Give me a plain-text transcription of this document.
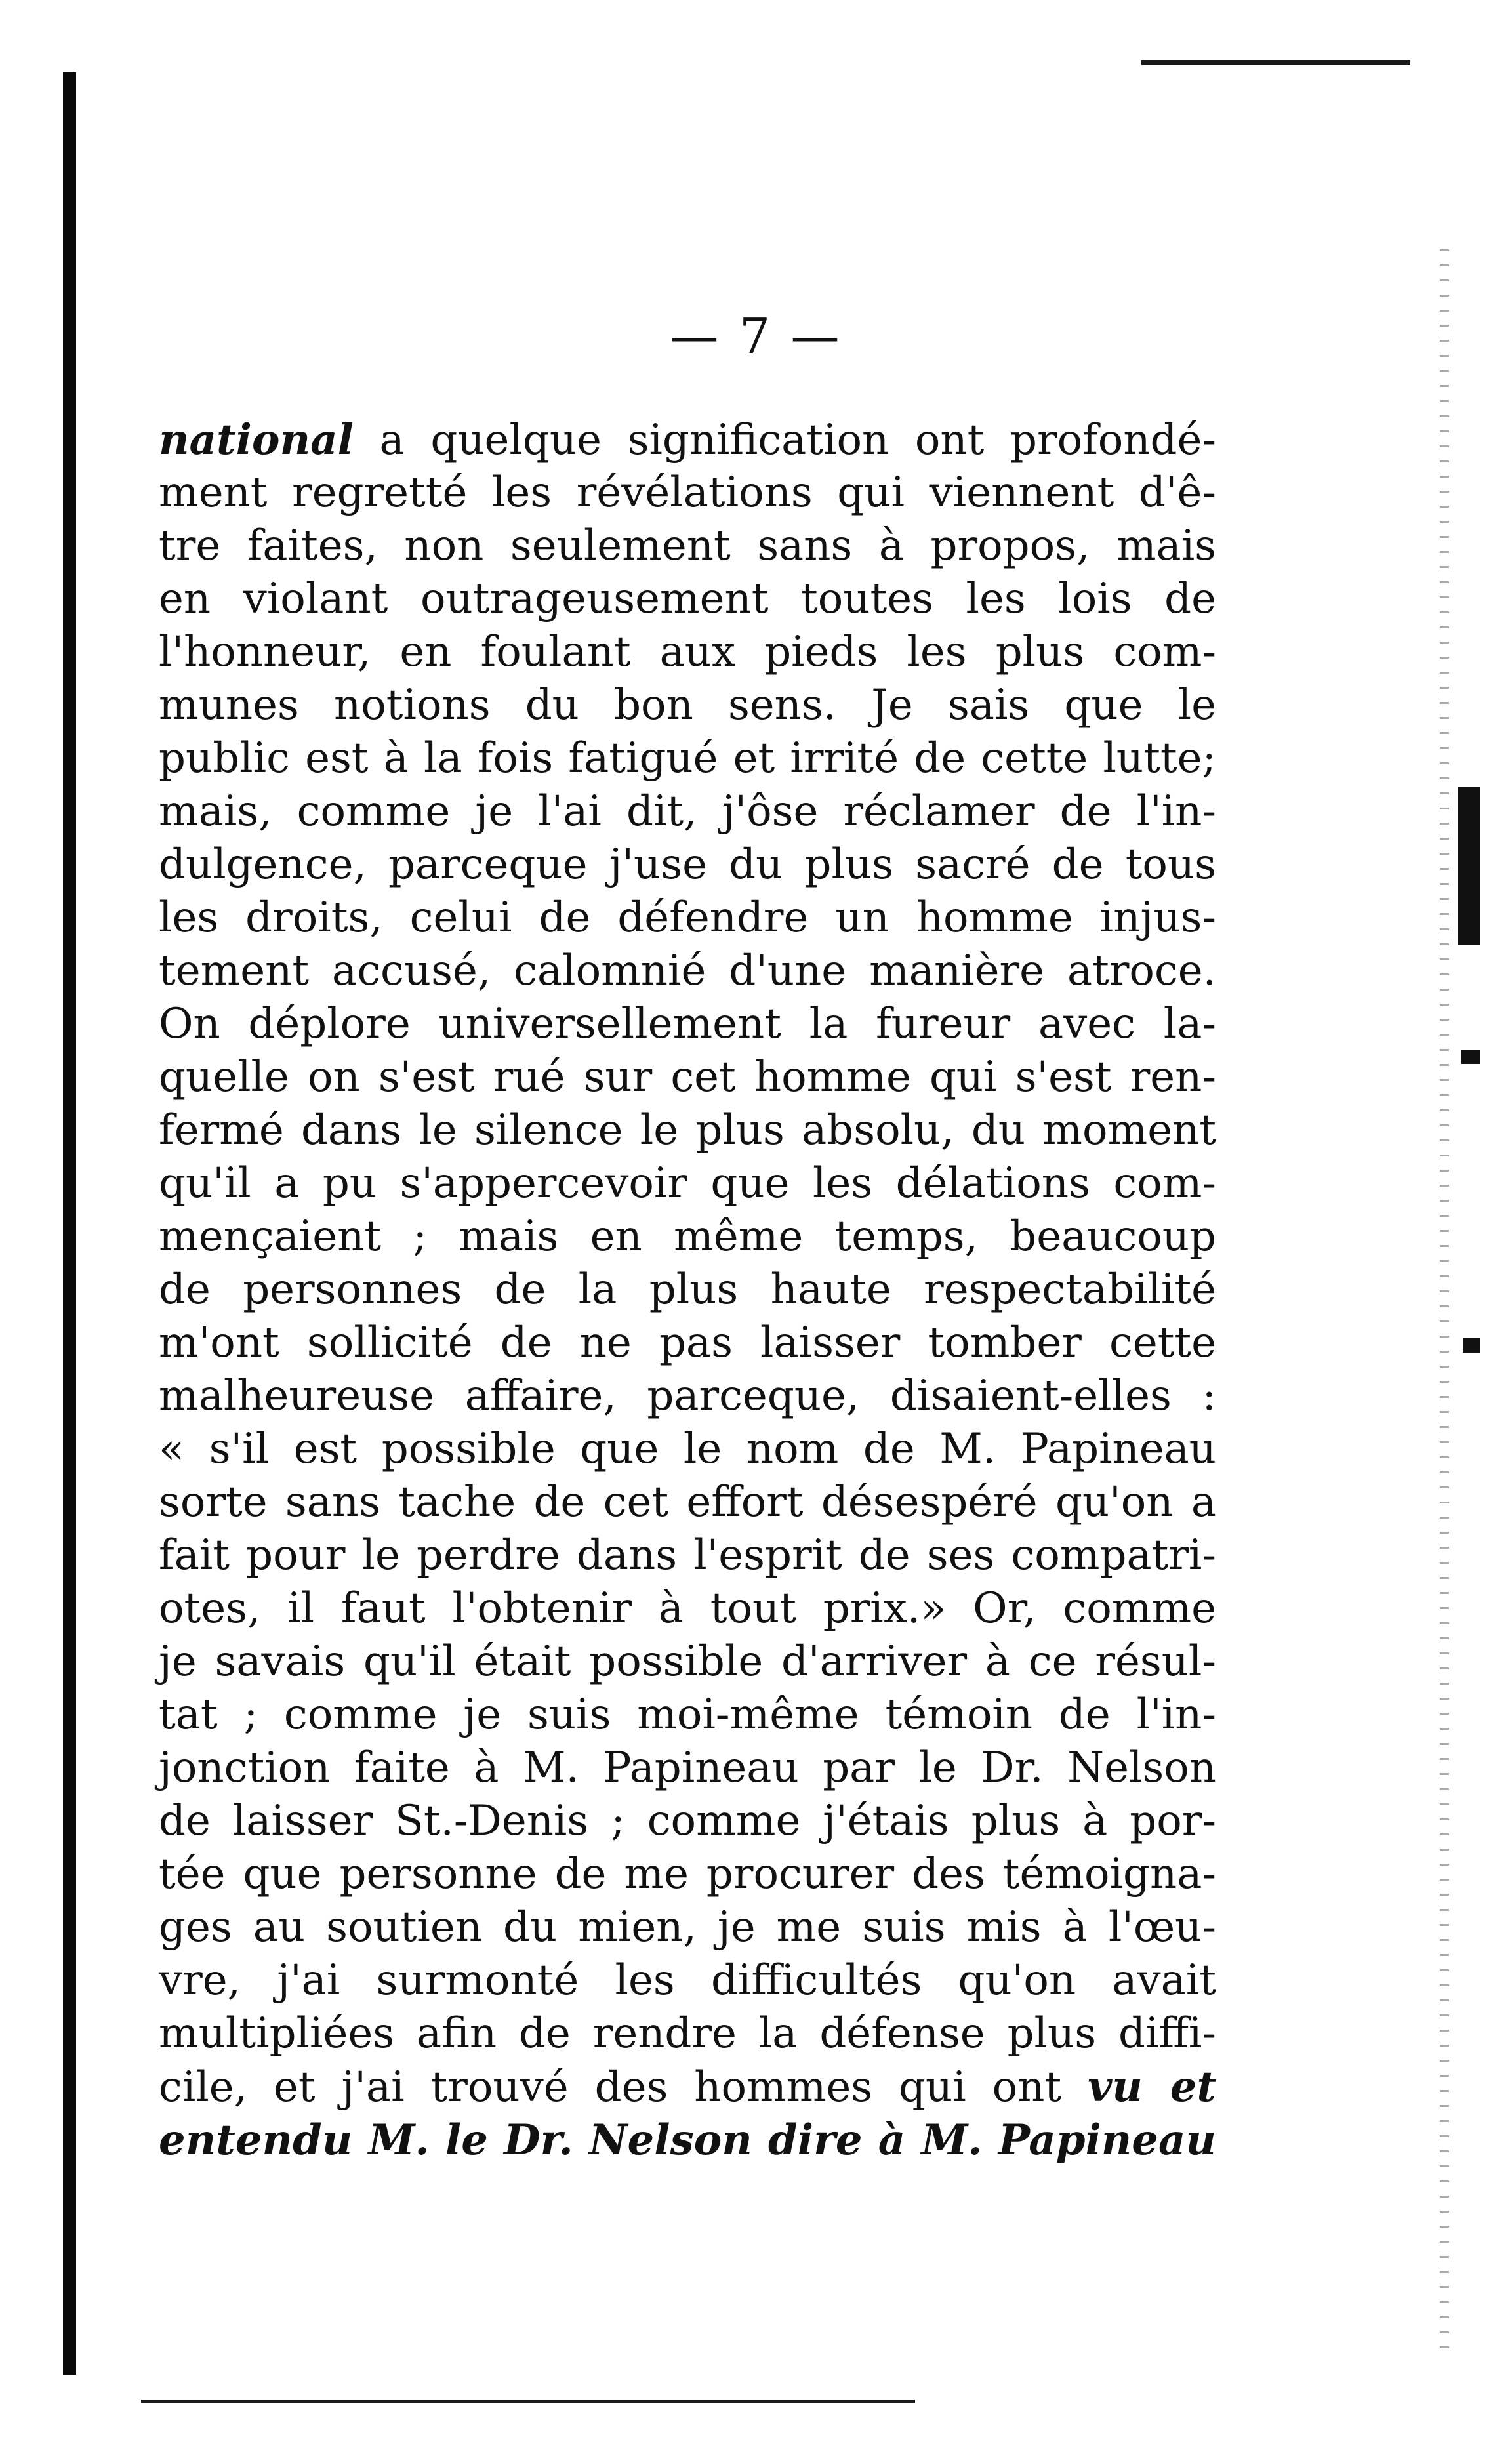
— 7 —
national a quelque signification ont profondé-
ment regretté les révélations qui viennent d'ê-
tre faites, non seulement sans à propos, mais
en violant outrageusement toutes les lois de
l'honneur, en foulant aux pieds les plus com-
munes notions du bon sens. Je sais que le
public est à la fois fatigué et irrité de cette lutte;
mais, comme je l'ai dit, j'ôse réclamer de l'in-
dulgence, parceque j'use du plus sacré de tous
les droits, celui de défendre un homme injus-
tement accusé, calomnié d'une manière atroce.
On déplore universellement la fureur avec la-
quelle on s'est rué sur cet homme qui s'est ren-
fermé dans le silence le plus absolu, du moment
qu'il a pu s'appercevoir que les délations com-
mençaient ; mais en même temps, beaucoup
de personnes de la plus haute respectabilité
m'ont sollicité de ne pas laisser tomber cette
malheureuse affaire, parceque, disaient-elles :
« s'il est possible que le nom de M. Papineau
sorte sans tache de cet effort désespéré qu'on a
fait pour le perdre dans l'esprit de ses compatri-
otes, il faut l'obtenir à tout prix.» Or, comme
je savais qu'il était possible d'arriver à ce résul-
tat ; comme je suis moi-même témoin de l'in-
jonction faite à M. Papineau par le Dr. Nelson
de laisser St.-Denis ; comme j'étais plus à por-
tée que personne de me procurer des témoigna-
ges au soutien du mien, je me suis mis à l'œu-
vre, j'ai surmonté les difficultés qu'on avait
multipliées afin de rendre la défense plus diffi-
cile, et j'ai trouvé des hommes qui ont vu et
entendu M. le Dr. Nelson dire à M. Papineau
